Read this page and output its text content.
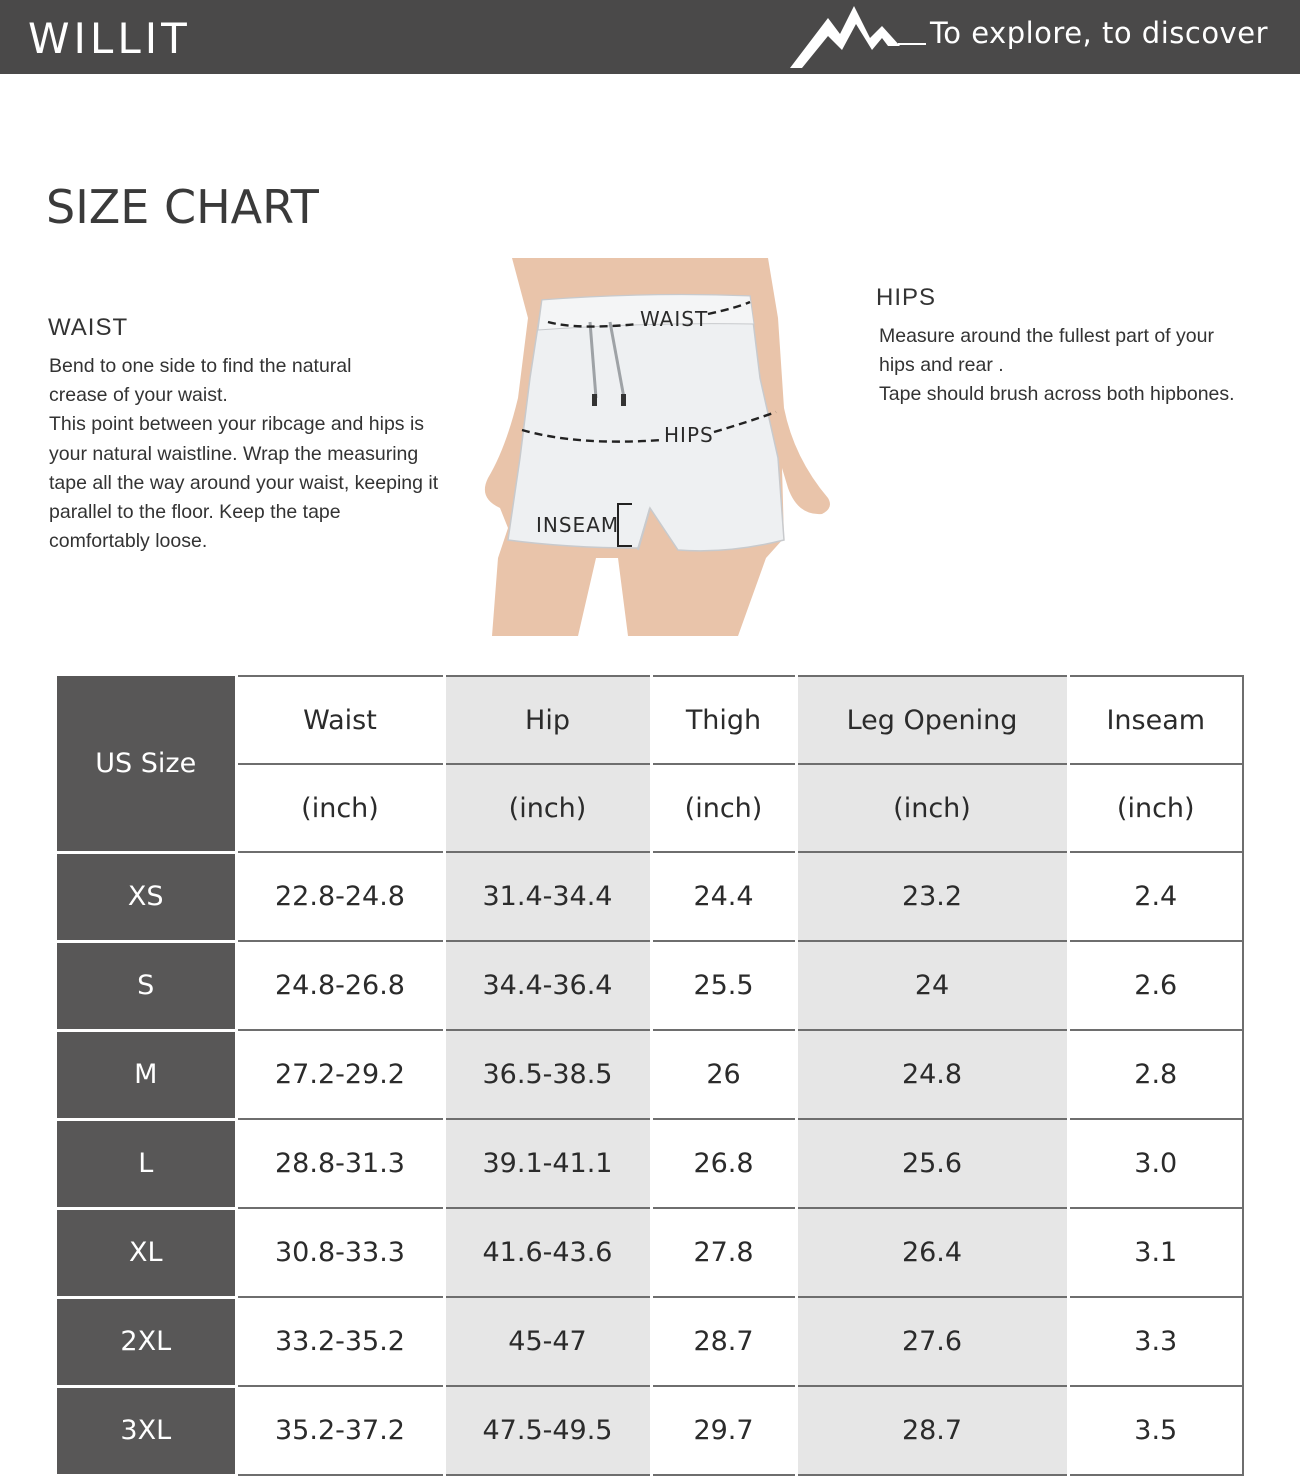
WILLIT	To explore, to discover
SIZE CHART
WAIST

Bend to one side to find the natural

crease of your waist.

This point between your ribcage and hips is

your natural waistline. Wrap the measuring

tape all the way around your waist, keeping it

parallel to the floor. Keep the tape

comfortably loose.

HIPS

Measure around the fullest part of your

hips and rear .

Tape should brush across both hipbones.

WAIST
HIPS
INSEAM
US Size	Waist	Hip	Thigh	Leg Opening	Inseam
	(inch)	(inch)	(inch)	(inch)	(inch)
XS	22.8-24.8	31.4-34.4	24.4	23.2	2.4
S	24.8-26.8	34.4-36.4	25.5	24	2.6
M	27.2-29.2	36.5-38.5	26	24.8	2.8
L	28.8-31.3	39.1-41.1	26.8	25.6	3.0
XL	30.8-33.3	41.6-43.6	27.8	26.4	3.1
2XL	33.2-35.2	45-47	28.7	27.6	3.3
3XL	35.2-37.2	47.5-49.5	29.7	28.7	3.5
